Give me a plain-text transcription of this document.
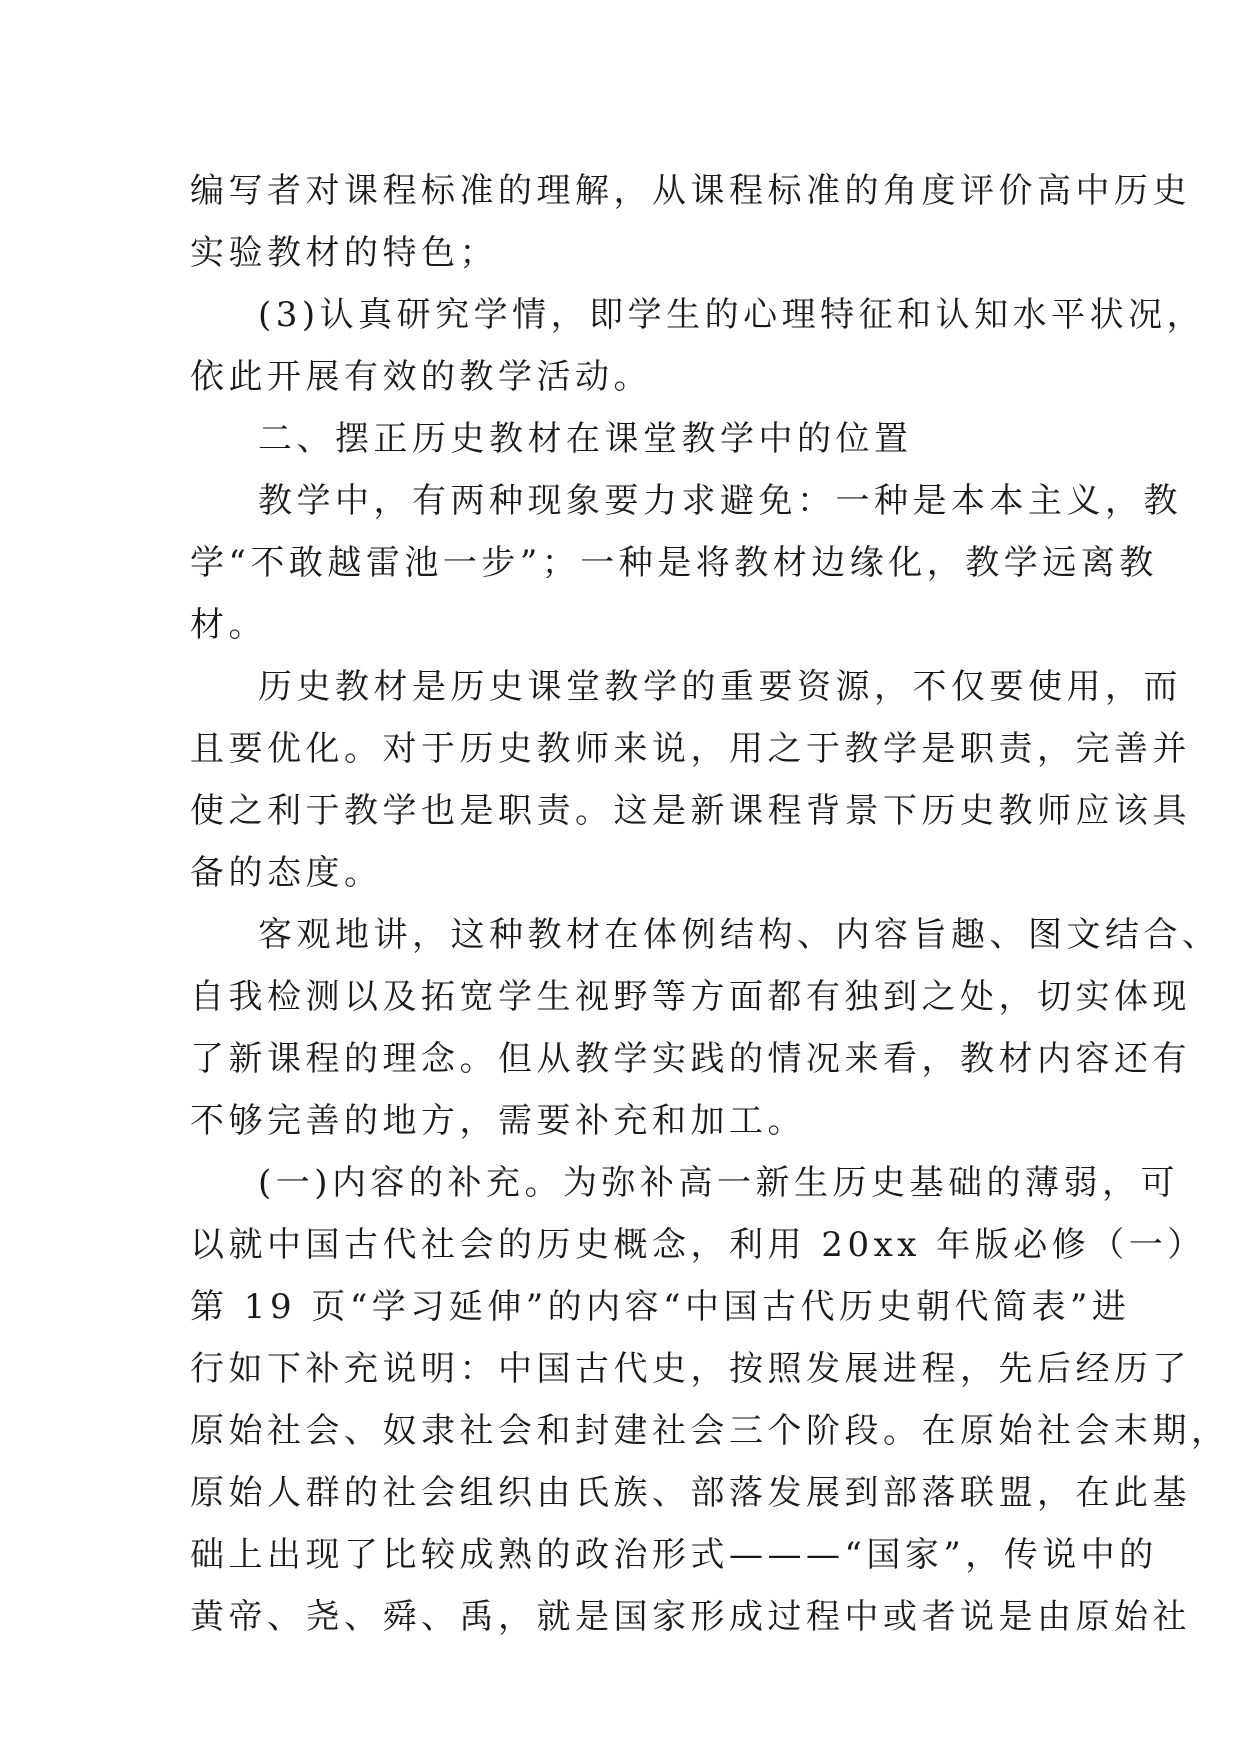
编写者对课程标准的理解，从课程标准的角度评价高中历史
实验教材的特色；
(3)认真研究学情，即学生的心理特征和认知水平状况，
依此开展有效的教学活动。
二、摆正历史教材在课堂教学中的位置
教学中，有两种现象要力求避免：一种是本本主义，教
学“不敢越雷池一步”；一种是将教材边缘化，教学远离教
材。
历史教材是历史课堂教学的重要资源，不仅要使用，而
且要优化。对于历史教师来说，用之于教学是职责，完善并
使之利于教学也是职责。这是新课程背景下历史教师应该具
备的态度。
客观地讲，这种教材在体例结构、内容旨趣、图文结合、
自我检测以及拓宽学生视野等方面都有独到之处，切实体现
了新课程的理念。但从教学实践的情况来看，教材内容还有
不够完善的地方，需要补充和加工。
(一)内容的补充。为弥补高一新生历史基础的薄弱，可
以就中国古代社会的历史概念，利用 20xx 年版必修（一）
第 19 页“学习延伸”的内容“中国古代历史朝代简表”进
行如下补充说明：中国古代史，按照发展进程，先后经历了
原始社会、奴隶社会和封建社会三个阶段。在原始社会末期，
原始人群的社会组织由氏族、部落发展到部落联盟，在此基
础上出现了比较成熟的政治形式———“国家”，传说中的
黄帝、尧、舜、禹，就是国家形成过程中或者说是由原始社
